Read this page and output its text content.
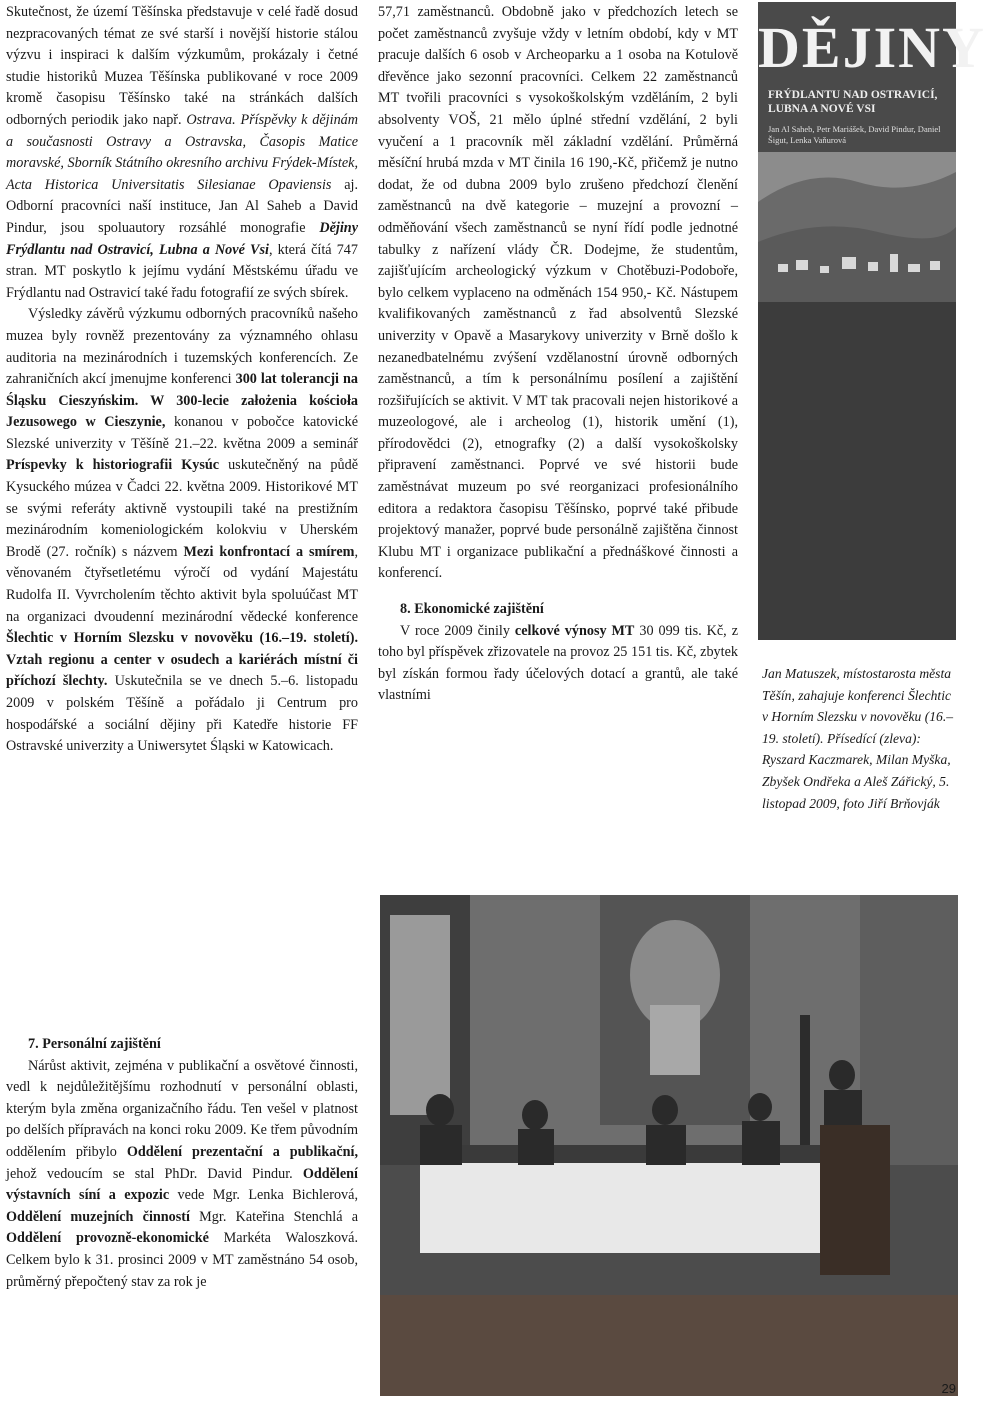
Skutečnost, že území Těšínska představuje v celé řadě dosud nezpracovaných témat ze své starší i novější historie stálou výzvu i inspiraci k dalším výzkumům, prokázaly i četné studie historiků Muzea Těšínska publikované v roce 2009 kromě časopisu Těšínsko také na stránkách dalších odborných periodik jako např. Ostrava. Příspěvky k dějinám a současnosti Ostravy a Ostravska, Časopis Matice moravské, Sborník Státního okresního archivu Frýdek-Místek, Acta Historica Universitatis Silesianae Opaviensis aj. Odborní pracovníci naší instituce, Jan Al Saheb a David Pindur, jsou spoluautory rozsáhlé monografie Dějiny Frýdlantu nad Ostravicí, Lubna a Nové Vsi, která čítá 747 stran. MT poskytlo k jejímu vydání Městskému úřadu ve Frýdlantu nad Ostravicí také řadu fotografií ze svých sbírek.

Výsledky závěrů výzkumu odborných pracovníků našeho muzea byly rovněž prezentovány za významného ohlasu auditoria na mezinárodních i tuzemských konferencích. Ze zahraničních akcí jmenujme konferenci 300 lat tolerancji na Śląsku Cieszyńskim. W 300-lecie założenia kościoła Jezusowego w Cieszynie, konanou v pobočce katovické Slezské univerzity v Těšíně 21.–22. května 2009 a seminář Príspevky k historiografii Kysúc uskutečněný na půdě Kysuckého múzea v Čadci 22. května 2009. Historikové MT se svými referáty aktivně vystoupili také na prestižním mezinárodním komeniologickém kolokviu v Uherském Brodě (27. ročník) s názvem Mezi konfrontací a smírem, věnovaném čtyřsetletému výročí od vydání Majestátu Rudolfa II. Vyvrcholením těchto aktivit byla spoluúčast MT na organizaci dvoudenní mezinárodní vědecké konference Šlechtic v Horním Slezsku v novověku (16.–19. století). Vztah regionu a center v osudech a kariérách místní či příchozí šlechty. Uskutečnila se ve dnech 5.–6. listopadu 2009 v polském Těšíně a pořádalo ji Centrum pro hospodářské a sociální dějiny při Katedře historie FF Ostravské univerzity a Uniwersytet Śląski w Katowicach.

7. Personální zajištění

Nárůst aktivit, zejména v publikační a osvětové činnosti, vedl k nejdůležitějšímu rozhodnutí v personální oblasti, kterým byla změna organizačního řádu. Ten vešel v platnost po delších přípravách na konci roku 2009. Ke třem původním oddělením přibylo Oddělení prezentační a publikační, jehož vedoucím se stal PhDr. David Pindur. Oddělení výstavních síní a expozic vede Mgr. Lenka Bichlerová, Oddělení muzejních činností Mgr. Kateřina Stenchlá a Oddělení provozně-ekonomické Markéta Waloszková. Celkem bylo k 31. prosinci 2009 v MT zaměstnáno 54 osob, průměrný přepočtený stav za rok je

57,71 zaměstnanců. Obdobně jako v předchozích letech se počet zaměstnanců zvyšuje vždy v letním období, kdy v MT pracuje dalších 6 osob v Archeoparku a 1 osoba na Kotulově dřevěnce jako sezonní pracovníci. Celkem 22 zaměstnanců MT tvořili pracovníci s vysokoškolským vzděláním, 2 byli absolventy VOŠ, 21 mělo úplné střední vzdělání, 2 byli vyučení a 1 pracovník měl základní vzdělání. Průměrná měsíční hrubá mzda v MT činila 16 190,-Kč, přičemž je nutno dodat, že od dubna 2009 bylo zrušeno předchozí členění zaměstnanců na dvě kategorie – muzejní a provozní – odměňování všech zaměstnanců se nyní řídí podle jednotné tabulky z nařízení vlády ČR. Dodejme, že studentům, zajišťujícím archeologický výzkum v Chotěbuzi-Podoboře, bylo celkem vyplaceno na odměnách 154 950,- Kč. Nástupem kvalifikovaných zaměstnanců z řad absolventů Slezské univerzity v Opavě a Masarykovy univerzity v Brně došlo k nezanedbatelnému zvýšení vzdělanostní úrovně odborných zaměstnanců, a tím k personálnímu posílení a zajištění rozšiřujících se aktivit. V MT tak pracovali nejen historikové a muzeologové, ale i archeolog (1), historik umění (1), přírodovědci (2), etnografky (2) a další vysokoškolsky připravení zaměstnanci. Poprvé ve své historii bude zaměstnávat muzeum po své reorganizaci profesionálního editora a redaktora časopisu Těšínsko, poprvé také přibude projektový manažer, poprvé bude personálně zajištěna činnost Klubu MT i organizace publikační a přednáškové činnosti a konferencí.

8. Ekonomické zajištění

V roce 2009 činily celkové výnosy MT 30 099 tis. Kč, z toho byl příspěvek zřizovatele na provoz 25 151 tis. Kč, zbytek byl získán formou řady účelových dotací a grantů, ale také vlastními

DĚJINY
FRÝDLANTU NAD OSTRAVICÍ, LUBNA A NOVÉ VSI
Jan Al Saheb, Petr Mariášek, David Pindur, Daniel Šigut, Lenka Vaňurová
Jan Matuszek, místostarosta města Těšín, zahajuje konferenci Šlechtic v Horním Slezsku v novověku (16.–19. století). Přísedící (zleva): Ryszard Kaczmarek, Milan Myška, Zbyšek Ondřeka a Aleš Zářický, 5. listopad 2009, foto Jiří Brňovják
29
